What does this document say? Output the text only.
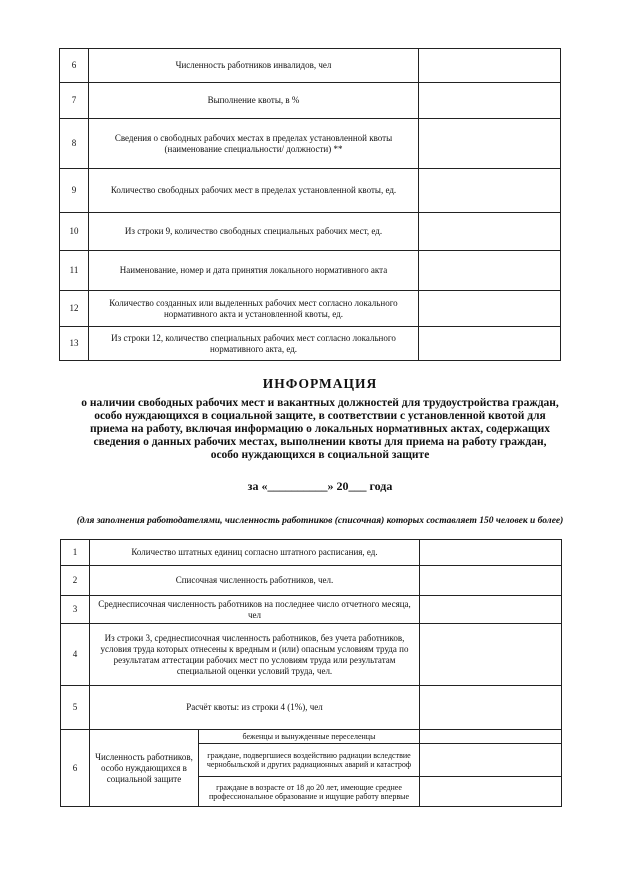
6	Численность работников инвалидов, чел	
7	Выполнение квоты, в %	
8	Сведения о свободных рабочих местах в пределах установленной квоты (наименование специальности/ должности) **	
9	Количество свободных рабочих мест в пределах установленной квоты, ед.	
10	Из строки 9, количество свободных специальных рабочих мест, ед.	
11	Наименование, номер и дата принятия локального нормативного акта	
12	Количество созданных или выделенных рабочих мест согласно локального нормативного акта и установленной квоты, ед.	
13	Из строки 12, количество специальных рабочих мест согласно локального нормативного акта, ед.	
ИНФОРМАЦИЯ
о наличии свободных рабочих мест и вакантных должностей для трудоустройства граждан, особо нуждающихся в социальной защите, в соответствии с установленной квотой для приема на работу, включая информацию о локальных нормативных актах, содержащих сведения о данных рабочих местах, выполнении квоты для приема на работу граждан, особо нуждающихся в социальной защите
за «__________» 20___ года
(для заполнения работодателями, численность работников (списочная) которых составляет 150 человек и более)
1	Количество штатных единиц согласно штатного расписания, ед.		
2	Списочная численность работников, чел.		
3	Среднесписочная численность работников на последнее число отчетного месяца, чел		
4	Из строки 3, среднесписочная численность работников, без учета работников, условия труда которых отнесены к вредным и (или) опасным условиям труда по результатам аттестации рабочих мест по условиям труда или результатам специальной оценки условий труда, чел.		
5	Расчёт квоты: из строки 4 (1%), чел		
6	Численность работников, особо нуждающихся в социальной защите	беженцы и вынужденные переселенцы	
		граждане, подвергшиеся воздействию радиации вследствие чернобыльской и других радиационных аварий и катастроф	
		граждане в возрасте от 18 до 20 лет, имеющие среднее профессиональное образование и ищущие работу впервые	
